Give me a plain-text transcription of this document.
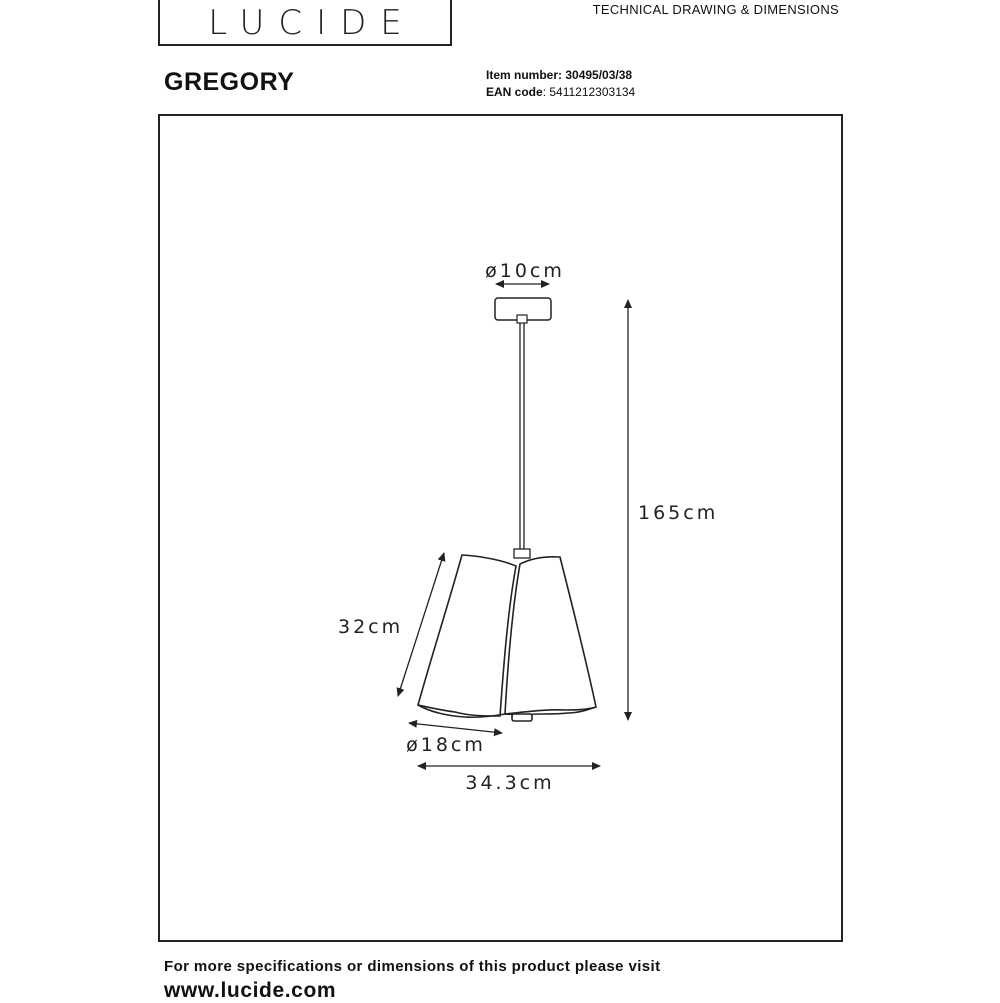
LUCIDE	TECHNICAL DRAWING & DIMENSIONS
GREGORY	Item number: 30495/03/38
EAN code: 5411212303134
ø10cm
165cm
32cm
ø18cm
34.3cm
For more specifications or dimensions of this product please visit
www.lucide.com
